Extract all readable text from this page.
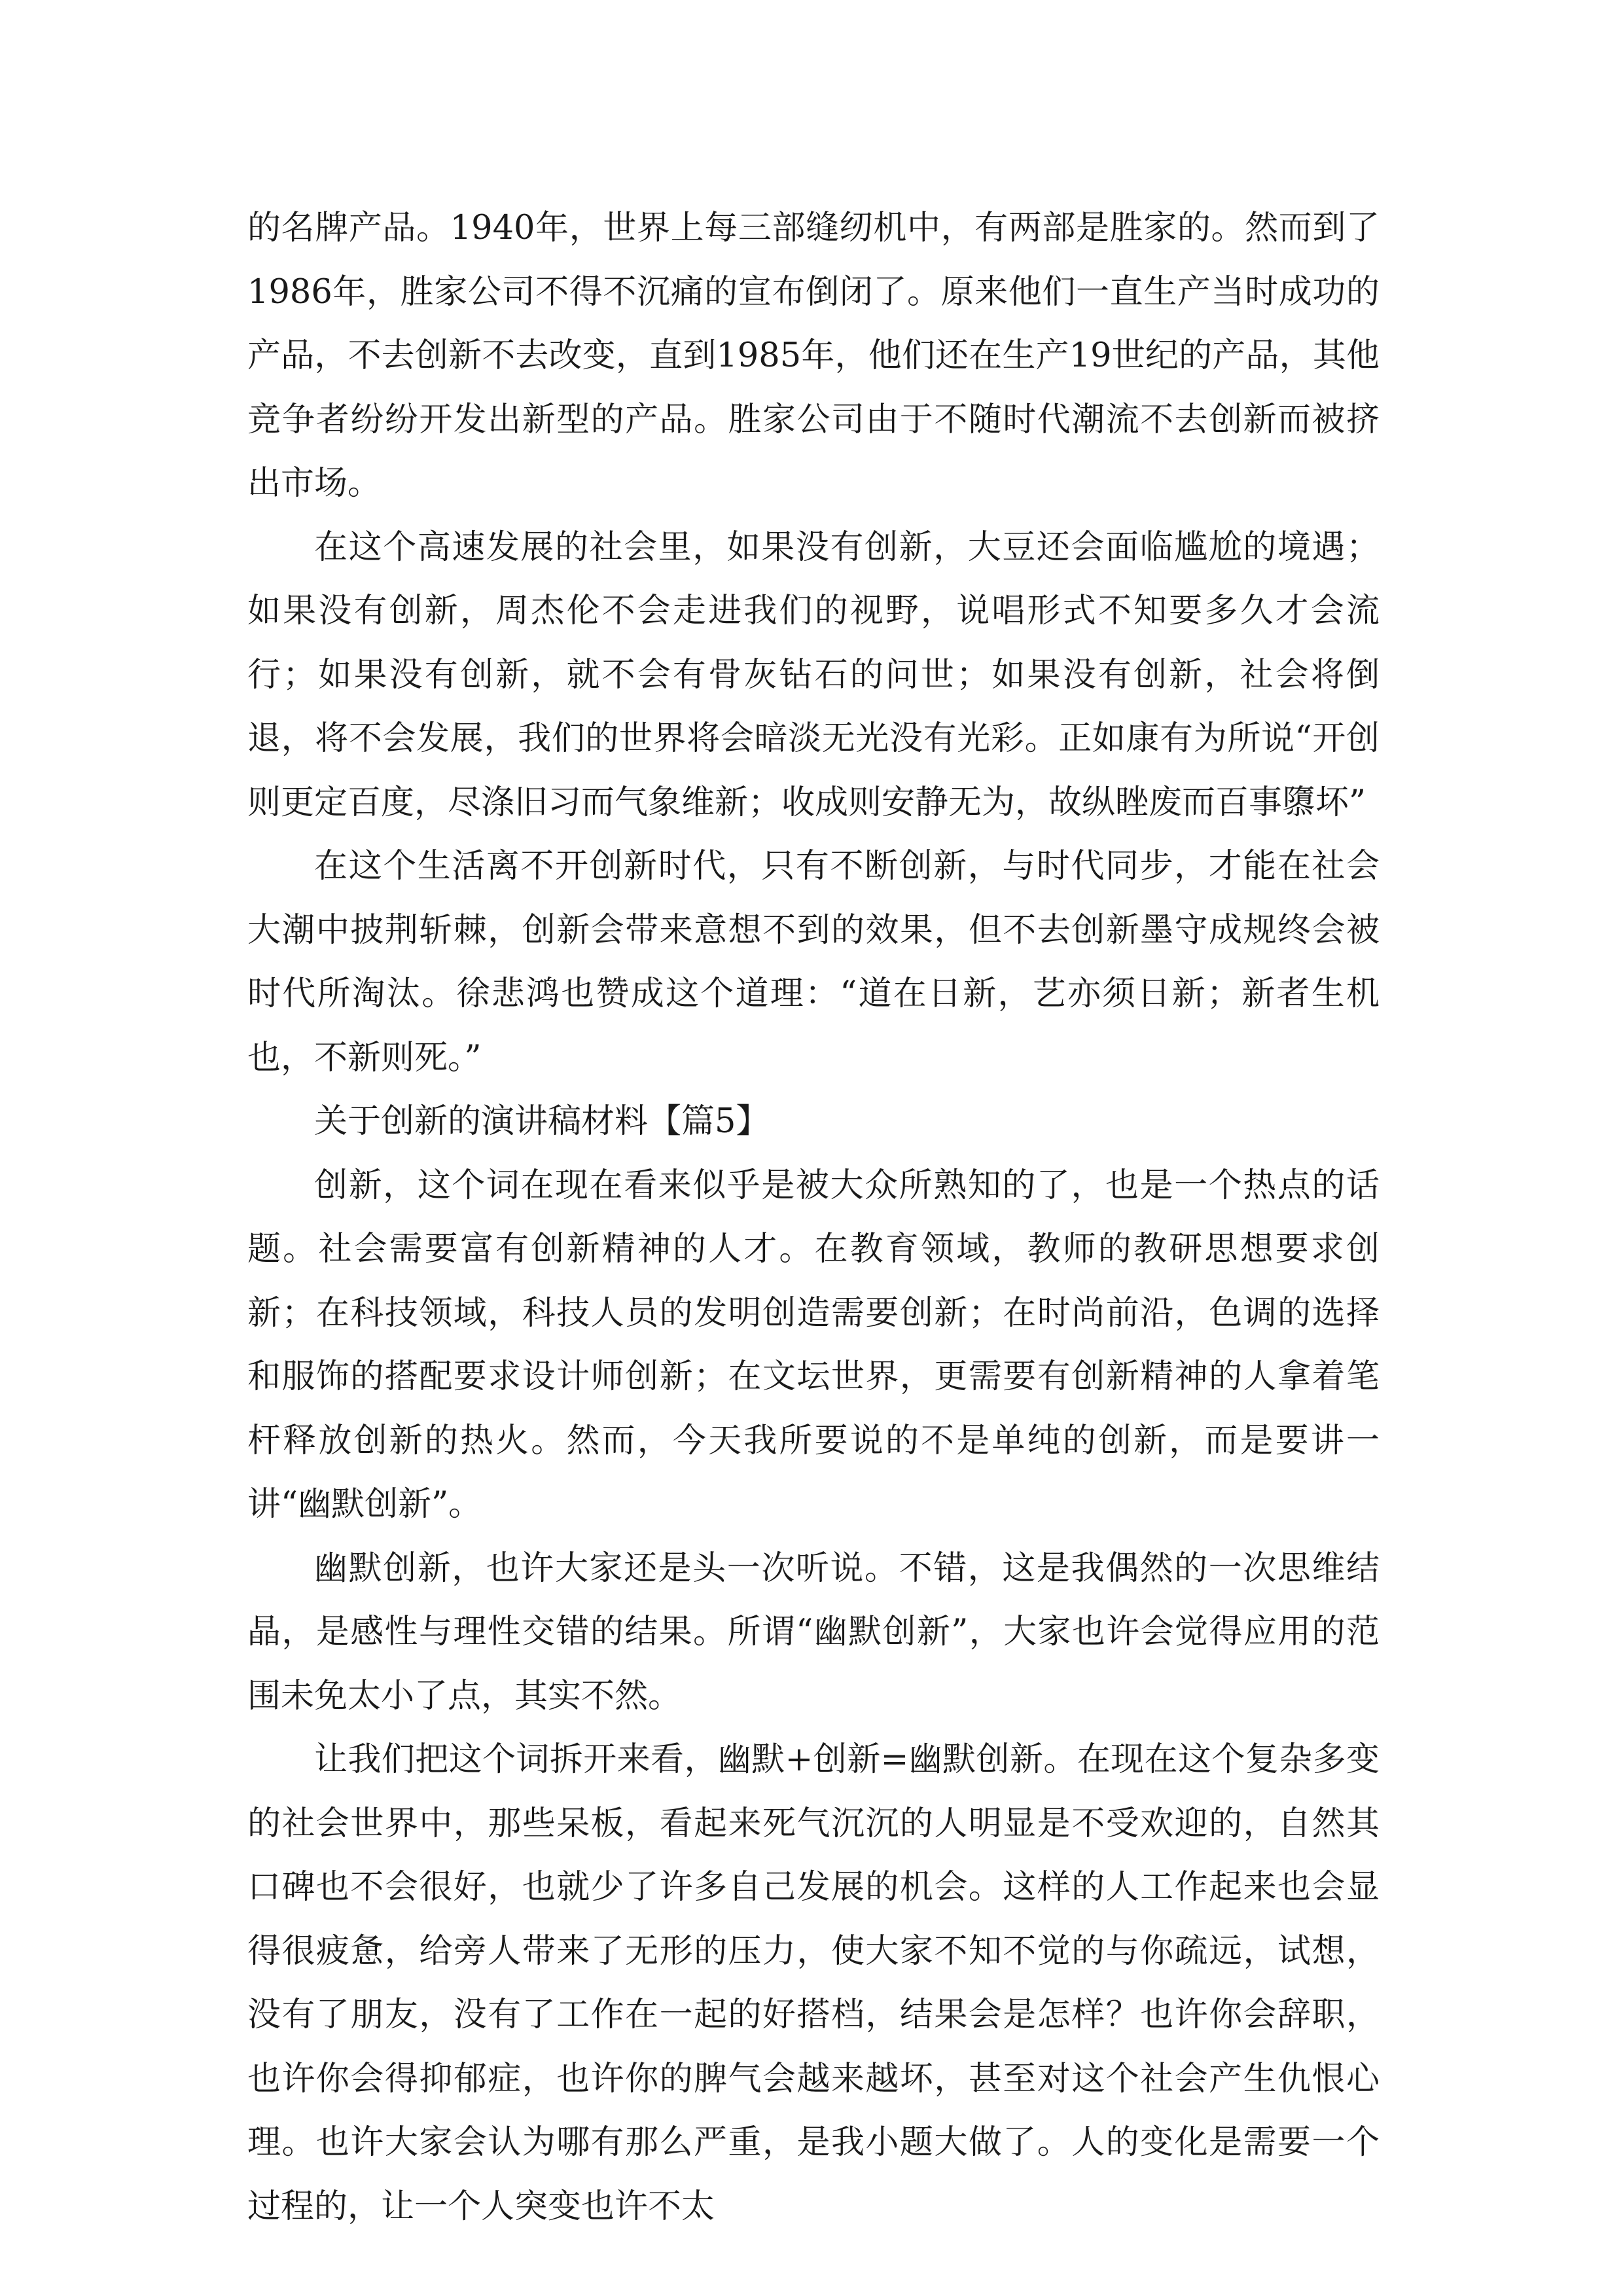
的名牌产品。1940年，世界上每三部缝纫机中，有两部是胜家的。然而到了1986年，胜家公司不得不沉痛的宣布倒闭了。原来他们一直生产当时成功的产品，不去创新不去改变，直到1985年，他们还在生产19世纪的产品，其他竞争者纷纷开发出新型的产品。胜家公司由于不随时代潮流不去创新而被挤出市场。

在这个高速发展的社会里，如果没有创新，大豆还会面临尴尬的境遇；如果没有创新，周杰伦不会走进我们的视野，说唱形式不知要多久才会流行；如果没有创新，就不会有骨灰钻石的问世；如果没有创新，社会将倒退，将不会发展，我们的世界将会暗淡无光没有光彩。正如康有为所说“开创则更定百度，尽涤旧习而气象维新；收成则安静无为，故纵睉废而百事隳坏”

在这个生活离不开创新时代，只有不断创新，与时代同步，才能在社会大潮中披荆斩棘，创新会带来意想不到的效果，但不去创新墨守成规终会被时代所淘汰。徐悲鸿也赞成这个道理：“道在日新，艺亦须日新；新者生机也，不新则死。”

关于创新的演讲稿材料【篇5】

创新，这个词在现在看来似乎是被大众所熟知的了，也是一个热点的话题。社会需要富有创新精神的人才。在教育领域，教师的教研思想要求创新；在科技领域，科技人员的发明创造需要创新；在时尚前沿，色调的选择和服饰的搭配要求设计师创新；在文坛世界，更需要有创新精神的人拿着笔杆释放创新的热火。然而，今天我所要说的不是单纯的创新，而是要讲一讲“幽默创新”。

幽默创新，也许大家还是头一次听说。不错，这是我偶然的一次思维结晶，是感性与理性交错的结果。所谓“幽默创新”，大家也许会觉得应用的范围未免太小了点，其实不然。

让我们把这个词拆开来看，幽默+创新=幽默创新。在现在这个复杂多变的社会世界中，那些呆板，看起来死气沉沉的人明显是不受欢迎的，自然其口碑也不会很好，也就少了许多自己发展的机会。这样的人工作起来也会显得很疲惫，给旁人带来了无形的压力，使大家不知不觉的与你疏远，试想，没有了朋友，没有了工作在一起的好搭档，结果会是怎样？也许你会辞职，也许你会得抑郁症，也许你的脾气会越来越坏，甚至对这个社会产生仇恨心理。也许大家会认为哪有那么严重，是我小题大做了。人的变化是需要一个过程的，让一个人突变也许不太
